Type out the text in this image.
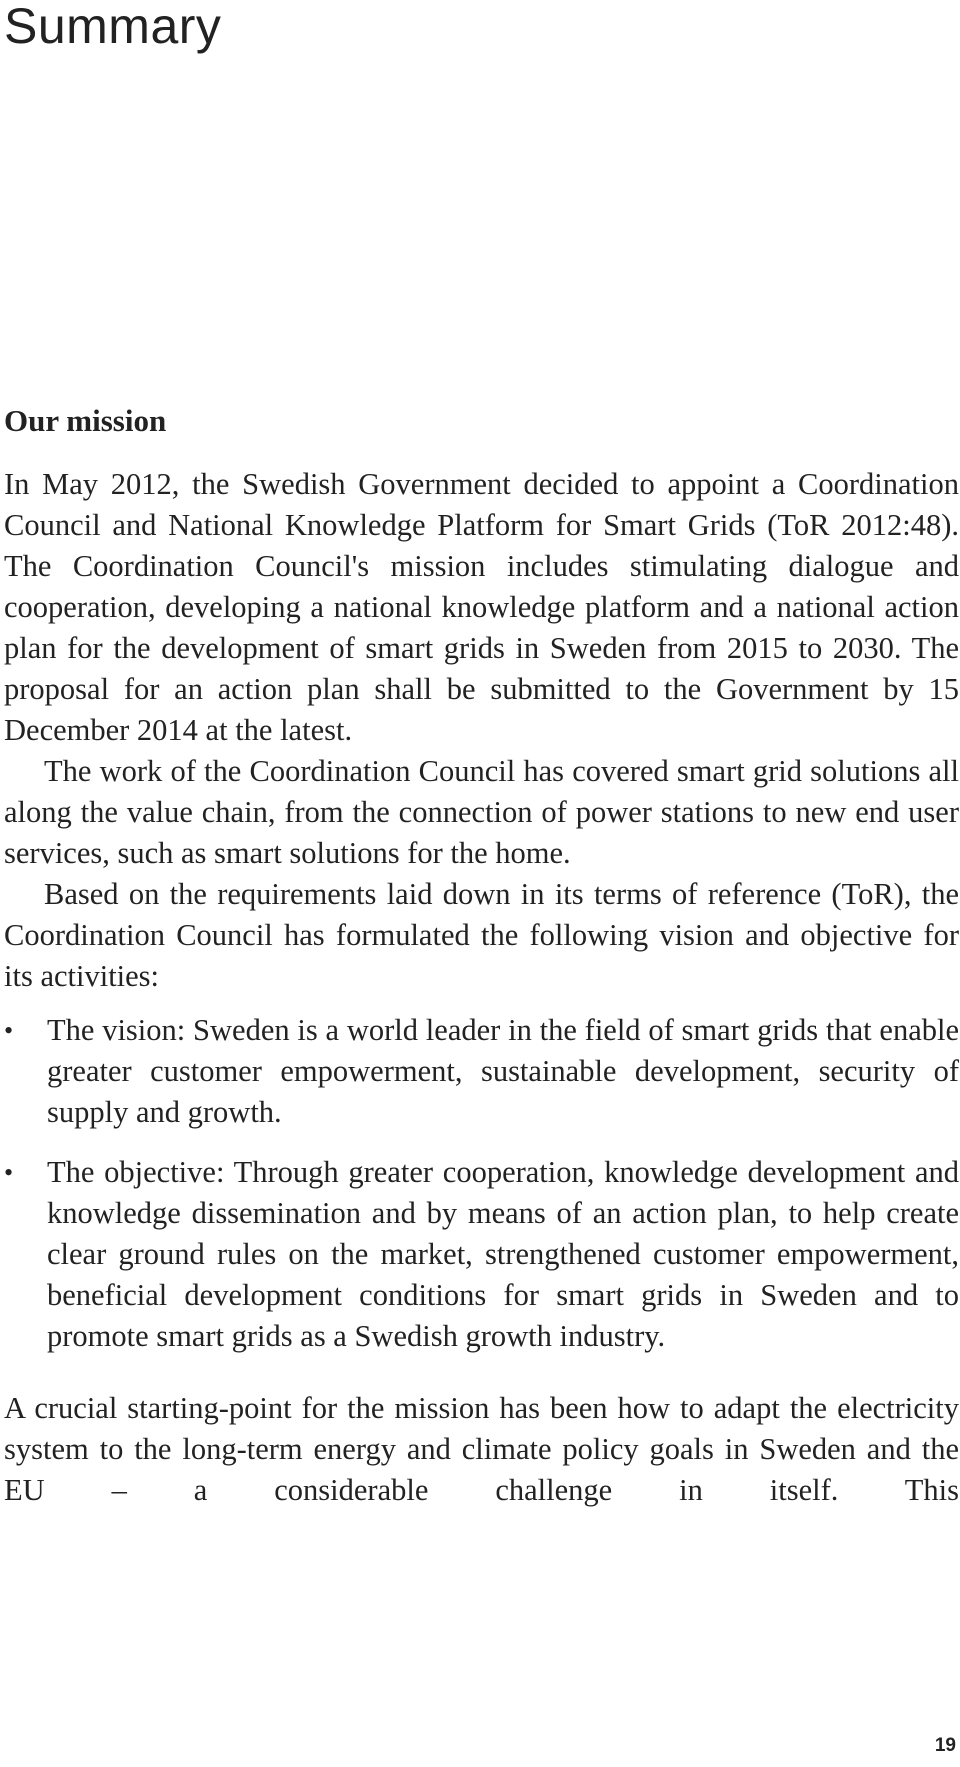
Summary
Our mission

In May 2012, the Swedish Government decided to appoint a Coordination Council and National Knowledge Platform for Smart Grids (ToR 2012:48). The Coordination Council's mission includes stimulating dialogue and cooperation, developing a national knowledge platform and a national action plan for the development of smart grids in Sweden from 2015 to 2030. The proposal for an action plan shall be submitted to the Government by 15 December 2014 at the latest.

The work of the Coordination Council has covered smart grid solutions all along the value chain, from the connection of power stations to new end user services, such as smart solutions for the home.

Based on the requirements laid down in its terms of reference (ToR), the Coordination Council has formulated the following vision and objective for its activities:

•	The vision: Sweden is a world leader in the field of smart grids that enable greater customer empowerment, sustainable development, security of supply and growth.
•	The objective: Through greater cooperation, knowledge development and knowledge dissemination and by means of an action plan, to help create clear ground rules on the market, strengthened customer empowerment, beneficial development conditions for smart grids in Sweden and to promote smart grids as a Swedish growth industry.

A crucial starting-point for the mission has been how to adapt the electricity system to the long-term energy and climate policy goals in Sweden and the EU – a considerable challenge in itself. This

19
